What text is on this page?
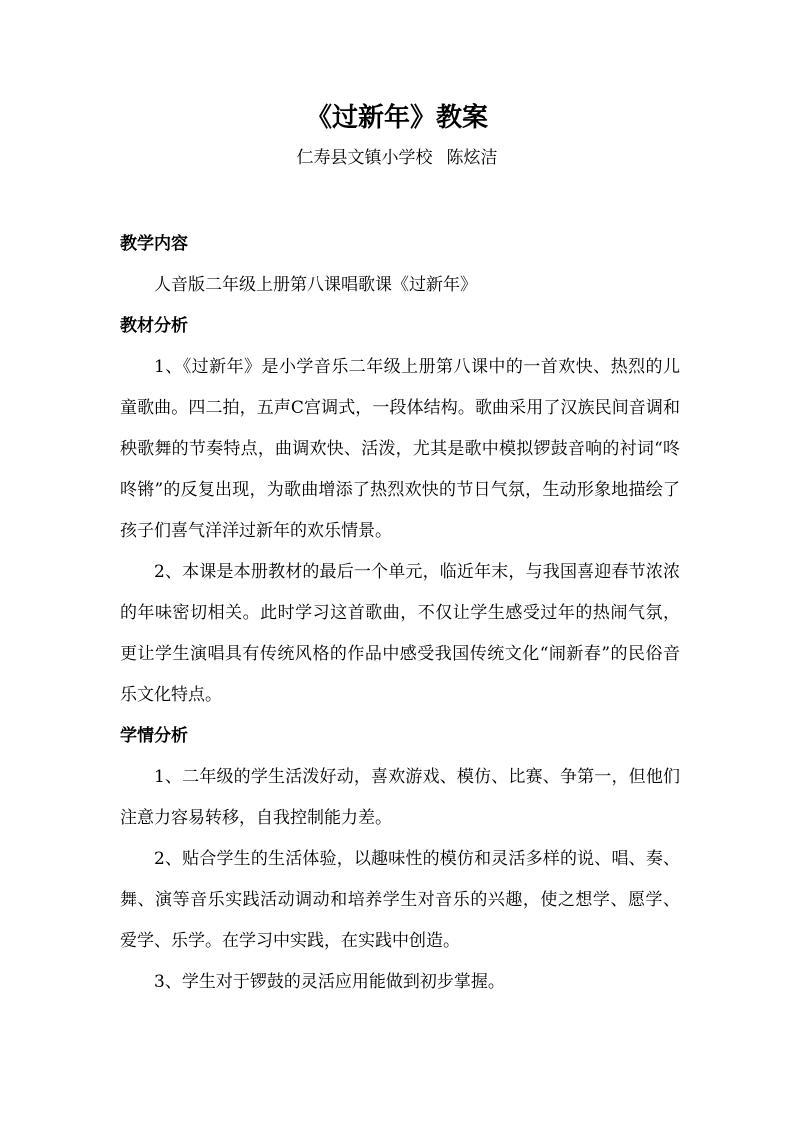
《过新年》教案
仁寿县文镇小学校 陈炫洁

教学内容

人音版二年级上册第八课唱歌课《过新年》

教材分析

1、《过新年》是小学音乐二年级上册第八课中的一首欢快、热烈的儿童歌曲。四二拍，五声C宫调式，一段体结构。歌曲采用了汉族民间音调和秧歌舞的节奏特点，曲调欢快、活泼，尤其是歌中模拟锣鼓音响的衬词“咚咚锵”的反复出现，为歌曲增添了热烈欢快的节日气氛，生动形象地描绘了孩子们喜气洋洋过新年的欢乐情景。

2、本课是本册教材的最后一个单元，临近年末，与我国喜迎春节浓浓的年味密切相关。此时学习这首歌曲，不仅让学生感受过年的热闹气氛，更让学生演唱具有传统风格的作品中感受我国传统文化“闹新春”的民俗音乐文化特点。

学情分析

1、二年级的学生活泼好动，喜欢游戏、模仿、比赛、争第一，但他们注意力容易转移，自我控制能力差。

2、贴合学生的生活体验，以趣味性的模仿和灵活多样的说、唱、奏、舞、演等音乐实践活动调动和培养学生对音乐的兴趣，使之想学、愿学、爱学、乐学。在学习中实践，在实践中创造。

3、学生对于锣鼓的灵活应用能做到初步掌握。
